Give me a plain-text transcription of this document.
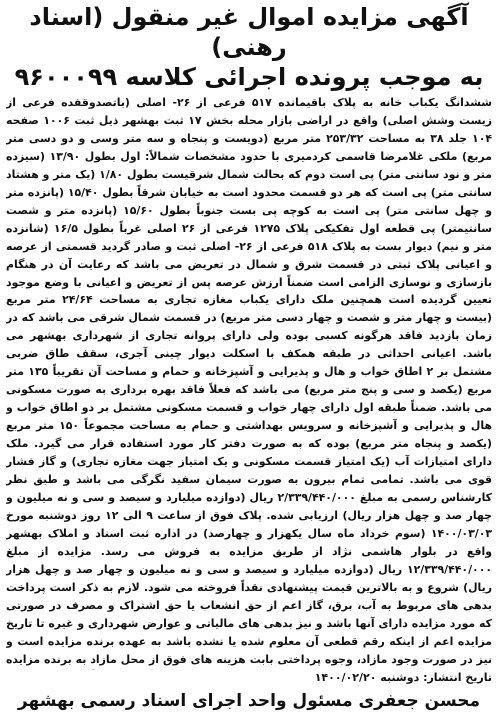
آگهی مزایده اموال غیر منقول (اسناد رهنی)
به موجب پرونده اجرائی کلاسه ۹۶۰۰۰۹۹

ششدانگ یکباب خانه به پلاک باقیمانده ۵۱۷ فرعی از ۲۶- اصلی (باتصدوقفده فرعی از زیست وشش اصلی) واقع در اراضی بازار محله بخش ۱۷ ثبت بهشهر ذیل ثبت ۱۰۰۶ صفحه ۱۰۴ جلد ۳۸ به مساحت ۲۵۳/۳۲ متر مربع (دویست و پنجاه و سه متر وسی و دو دسی متر مربع) ملکی غلامرضا قاسمی کردمیری با حدود مشخصات شمالاً: اول بطول ۱۳/۹۰ (سیزده متر و نود سانتی متر) پی است دوم که بحالت شمال شرقیست بطول ۱/۸۰ (یک متر و هشتاد سانتی متر) پی است که هر دو قسمت محدود است به خیابان شرقاً بطول ۱۵/۴۰ (پانزده متر و چهل سانتی متر) پی است به کوچه پی بست جنوباً بطول ۱۵/۶۰ (پانزده متر و شصت سانتیمتر) پی قطعه اول تفکیکی پلاک ۱۲۷۵ فرعی از ۲۶ اصلی غرباً بطول ۱۶/۵ (شانزده متر و نیم) دیوار بست به پلاک ۵۱۸ فرعی از ۲۶- اصلی ثبت و صادر گردید قسمتی از عرصه و اعیانی پلاک ثبتی در قسمت شرق و شمال در تعریض می باشد که رعایت آن در هنگام بازسازی و نوسازی الزامی است ضمناً ارزش عرصه پس از تعریض و اعیانی با وضع موجود تعیین گردیده است همچنین ملک دارای یکباب مغازه تجاری به مساحت ۲۴/۶۴ متر مربع (بیست و چهار متر و شصت و چهار دسی متر مربع) در قسمت شمال شرقی می باشد که در زمان بازدید فاقد هرگونه کسبی بوده ولی دارای پروانه تجاری از شهرداری بهشهر می باشد. اعیانی احداثی در طبقه همکف با اسکلت دیوار چینی آجری، سقف طاق ضربی مشتمل بر ۲ اطاق خواب و هال و پذیرایی و آشپزخانه و حمام و مساحت آن تقریباً ۱۳۵ متر مربع (یکصد و سی و پنج متر مربع) می باشد که فعلاً فاقد بهره برداری به صورت مسکونی می باشد. ضمناً طبقه اول دارای چهار خواب و قسمت مسکونی مشتمل بر دو اطاق خواب و هال و پذیرایی و آشپزخانه و سرویس بهداشتی و حمام به مساحت مجموعاً ۱۵۰ متر مربع (یکصد و پنجاه متر مربع) بوده که به صورت دفتر کار مورد استفاده قرار می گیرد. ملک دارای امتیازات آب (یک امتیاز قسمت مسکونی و یک امتیاز جهت مغازه تجاری) و گاز فشار قوی می باشد. تمامی تمام بیرون به صورت سیمان سفید نگرگی می باشد و طبق نظر کارشناس رسمی به مبلغ ۲/۳۳۹/۴۴۰/۰۰۰ ریال (دوازده میلیارد و سیصد و سی و نه میلیون و چهار صد و چهل هزار ریال) ارزیابی شده. پلاک فوق از ساعت ۹ الی ۱۲ روز دوشنبه مورخ ۱۴۰۰/۰۳/۰۳ (سوم خرداد ماه سال یکهزار و چهارصد) در اداره ثبت اسناد و املاک بهشهر واقع در بلوار هاشمی نژاد از طریق مزایده به فروش می رسد. مزایده از مبلغ ۱۲/۳۳۹/۴۴۰/۰۰۰ ریال (دوازده میلیارد و سیصد و سی و نه میلیون و چهار صد و چهل هزار ریال) شروع و به بالاترین قیمت پیشنهادی نقداً فروخته می شود. لازم به ذکر است پرداخت بدهی های مربوط به آب، برق، گاز اعم از حق انشعاب یا حق اشتراک و مصرف در صورتی که مورد مزایده دارای آنها باشد و نیز بدهی های مالیاتی و عوارض شهرداری و غیره تا تاریخ مزایده اعم از اینکه رقم قطعی آن معلوم شده یا نشده باشد به عهده برنده مزایده است و نیز در صورت وجود مازاد، وجوه پرداختی بابت هزینه های فوق از محل مازاد به برنده مزایده

تاریخ انتشار: دوشنبه ۱۴۰۰/۰۲/۲۰

محسن جعفری مسئول واحد اجرای اسناد رسمی بهشهر
